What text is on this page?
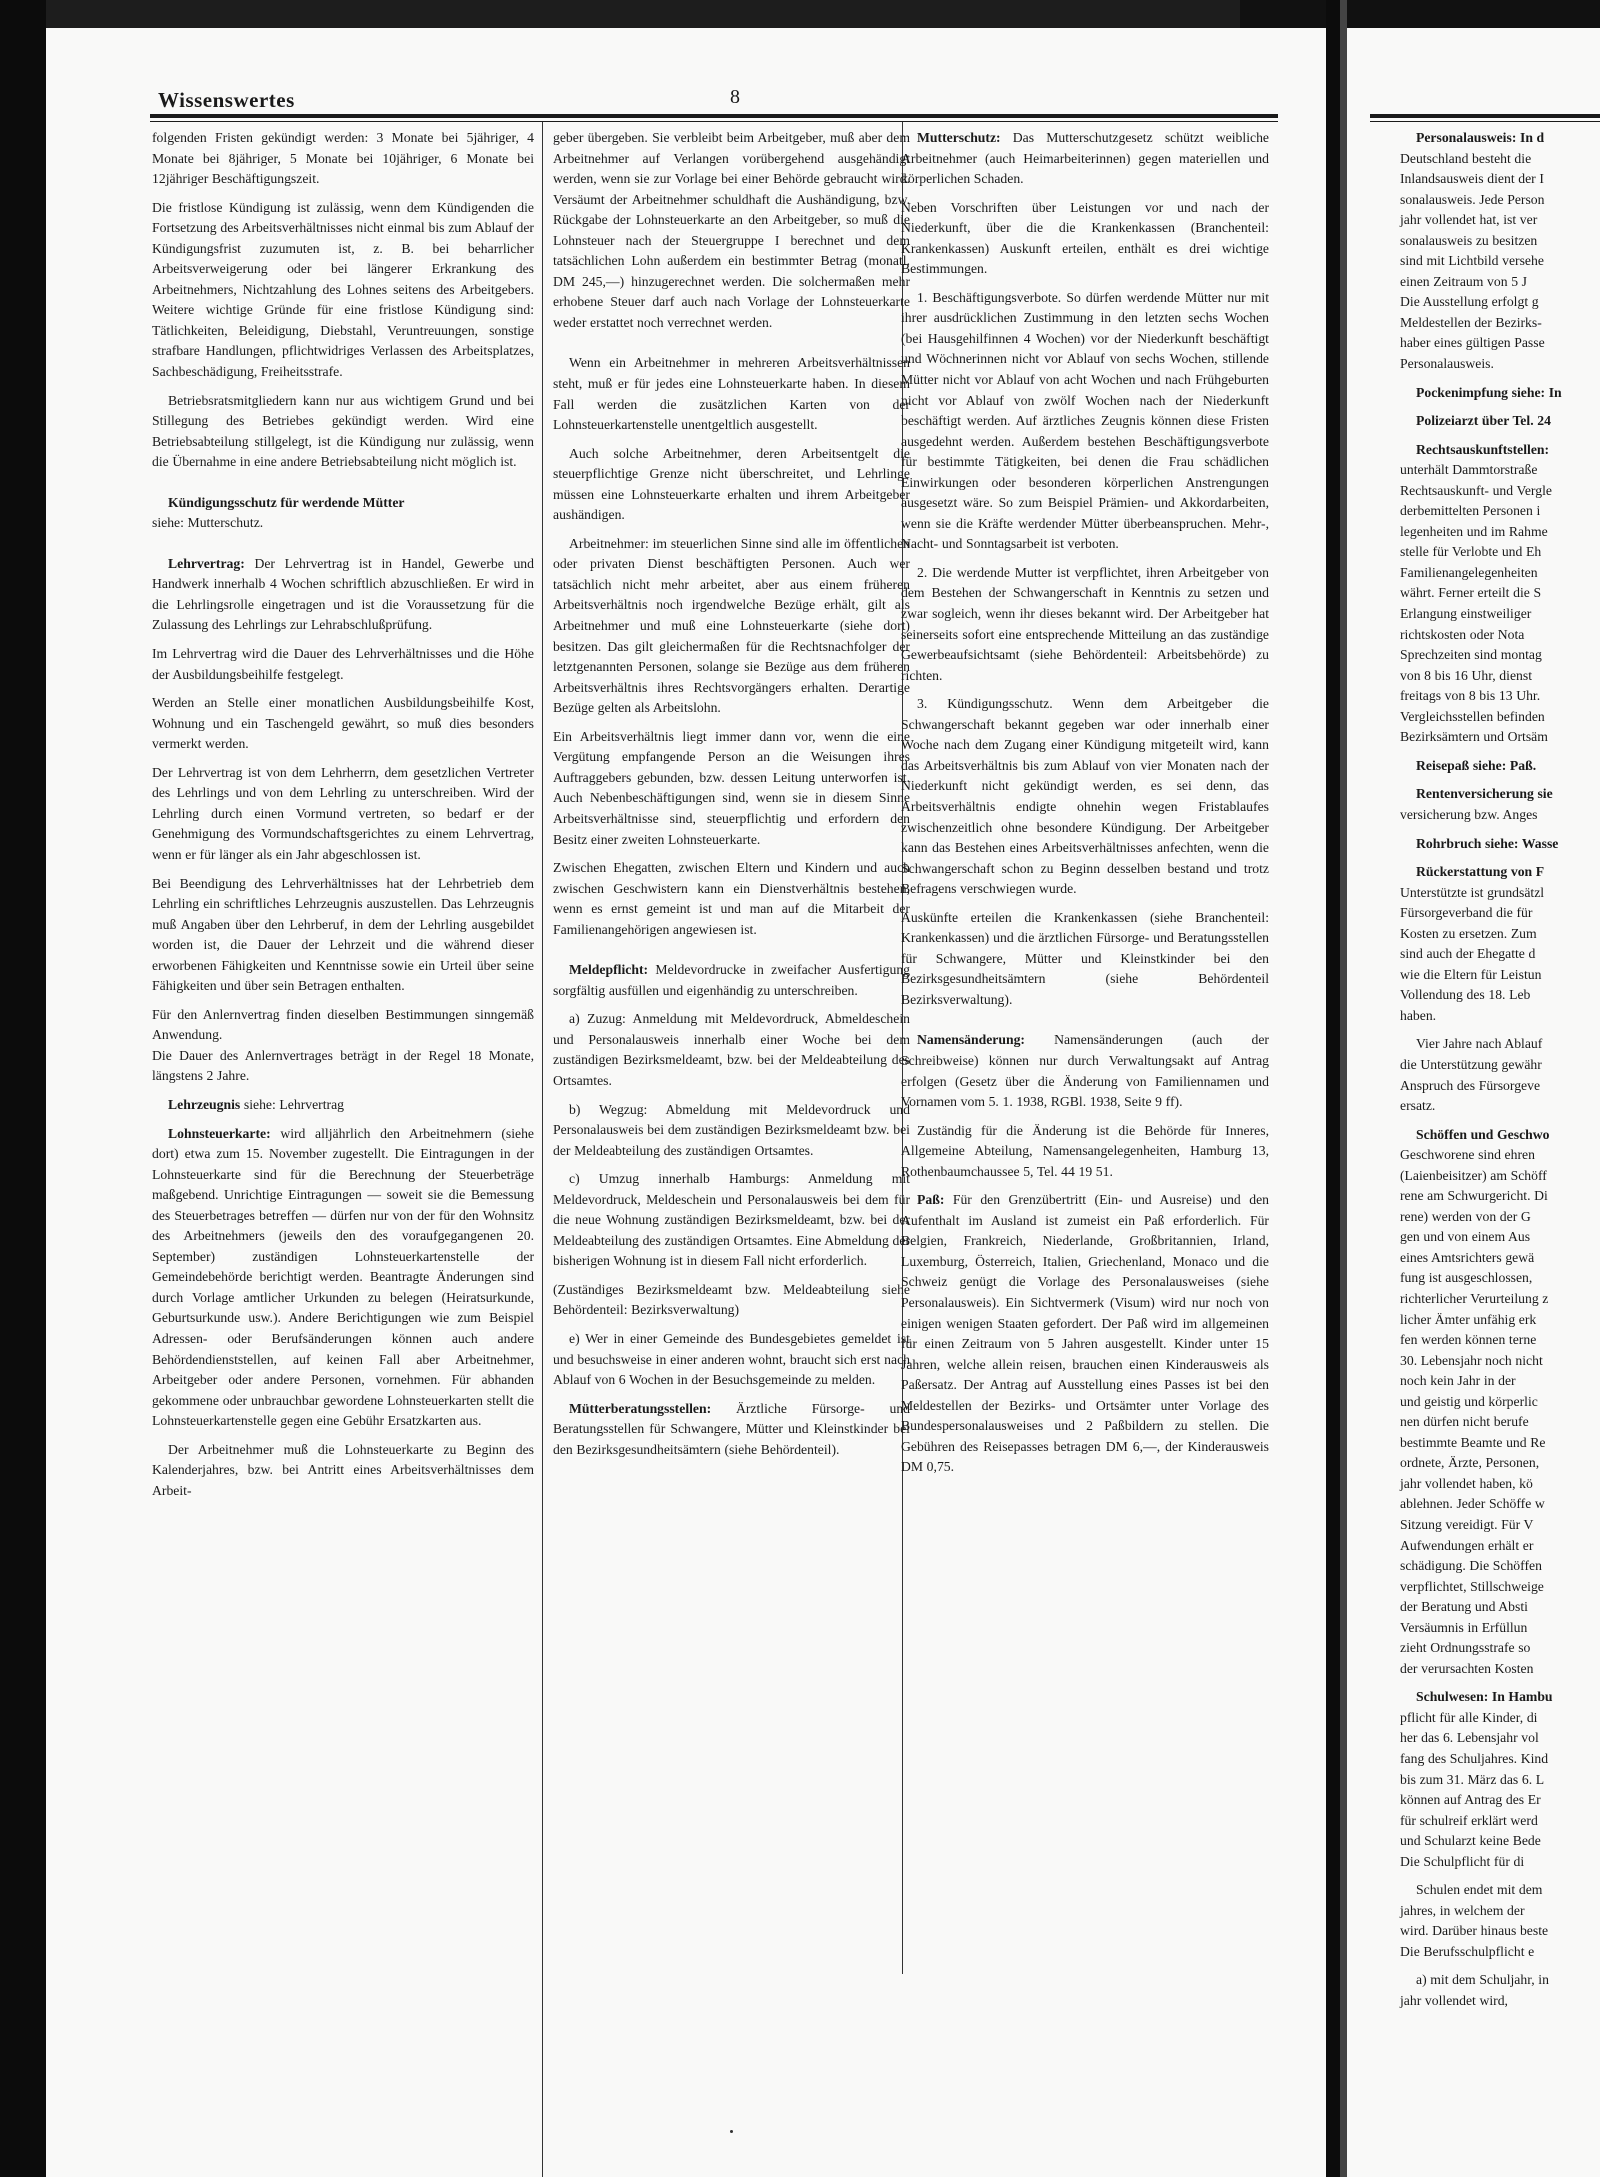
Wissenswertes	8

folgenden Fristen gekündigt werden: 3 Monate bei 5jähriger, 4 Monate bei 8jähriger, 5 Monate bei 10jähriger, 6 Monate bei 12jähriger Beschäftigungszeit.

Die fristlose Kündigung ist zulässig, wenn dem Kündigenden die Fortsetzung des Arbeitsverhältnisses nicht einmal bis zum Ablauf der Kündigungsfrist zuzumuten ist, z. B. bei beharrlicher Arbeitsverweigerung oder bei längerer Erkrankung des Arbeitnehmers, Nichtzahlung des Lohnes seitens des Arbeitgebers. Weitere wichtige Gründe für eine fristlose Kündigung sind: Tätlichkeiten, Beleidigung, Diebstahl, Veruntreuungen, sonstige strafbare Handlungen, pflichtwidriges Verlassen des Arbeitsplatzes, Sachbeschädigung, Freiheitsstrafe.

Betriebsratsmitgliedern kann nur aus wichtigem Grund und bei Stillegung des Betriebes gekündigt werden. Wird eine Betriebsabteilung stillgelegt, ist die Kündigung nur zulässig, wenn die Übernahme in eine andere Betriebsabteilung nicht möglich ist.

Kündigungsschutz für werdende Mütter

siehe: Mutterschutz.

Lehrvertrag: Der Lehrvertrag ist in Handel, Gewerbe und Handwerk innerhalb 4 Wochen schriftlich abzuschließen. Er wird in die Lehrlingsrolle eingetragen und ist die Voraussetzung für die Zulassung des Lehrlings zur Lehrabschlußprüfung.

Im Lehrvertrag wird die Dauer des Lehrverhältnisses und die Höhe der Ausbildungsbeihilfe festgelegt.

Werden an Stelle einer monatlichen Ausbildungsbeihilfe Kost, Wohnung und ein Taschengeld gewährt, so muß dies besonders vermerkt werden.

Der Lehrvertrag ist von dem Lehrherrn, dem gesetzlichen Vertreter des Lehrlings und von dem Lehrling zu unterschreiben. Wird der Lehrling durch einen Vormund vertreten, so bedarf er der Genehmigung des Vormundschaftsgerichtes zu einem Lehrvertrag, wenn er für länger als ein Jahr abgeschlossen ist.

Bei Beendigung des Lehrverhältnisses hat der Lehrbetrieb dem Lehrling ein schriftliches Lehrzeugnis auszustellen. Das Lehrzeugnis muß Angaben über den Lehrberuf, in dem der Lehrling ausgebildet worden ist, die Dauer der Lehrzeit und die während dieser erworbenen Fähigkeiten und Kenntnisse sowie ein Urteil über seine Fähigkeiten und über sein Betragen enthalten.

Für den Anlernvertrag finden dieselben Bestimmungen sinngemäß Anwendung.

Die Dauer des Anlernvertrages beträgt in der Regel 18 Monate, längstens 2 Jahre.

Lehrzeugnis siehe: Lehrvertrag

Lohnsteuerkarte: wird alljährlich den Arbeitnehmern (siehe dort) etwa zum 15. November zugestellt. Die Eintragungen in der Lohnsteuerkarte sind für die Berechnung der Steuerbeträge maßgebend. Unrichtige Eintragungen — soweit sie die Bemessung des Steuerbetrages betreffen — dürfen nur von der für den Wohnsitz des Arbeitnehmers (jeweils den des voraufgegangenen 20. September) zuständigen Lohnsteuerkartenstelle der Gemeindebehörde berichtigt werden. Beantragte Änderungen sind durch Vorlage amtlicher Urkunden zu belegen (Heiratsurkunde, Geburtsurkunde usw.). Andere Berichtigungen wie zum Beispiel Adressen- oder Berufsänderungen können auch andere Behördendienststellen, auf keinen Fall aber Arbeitnehmer, Arbeitgeber oder andere Personen, vornehmen. Für abhanden gekommene oder unbrauchbar gewordene Lohnsteuerkarten stellt die Lohnsteuerkartenstelle gegen eine Gebühr Ersatzkarten aus.

Der Arbeitnehmer muß die Lohnsteuerkarte zu Beginn des Kalenderjahres, bzw. bei Antritt eines Arbeitsverhältnisses dem Arbeit-

geber übergeben. Sie verbleibt beim Arbeitgeber, muß aber dem Arbeitnehmer auf Verlangen vorübergehend ausgehändigt werden, wenn sie zur Vorlage bei einer Behörde gebraucht wird. Versäumt der Arbeitnehmer schuldhaft die Aushändigung, bzw. Rückgabe der Lohnsteuerkarte an den Arbeitgeber, so muß die Lohnsteuer nach der Steuergruppe I berechnet und dem tatsächlichen Lohn außerdem ein bestimmter Betrag (monatl. DM 245,—) hinzugerechnet werden. Die solchermaßen mehr erhobene Steuer darf auch nach Vorlage der Lohnsteuerkarte weder erstattet noch verrechnet werden.

Wenn ein Arbeitnehmer in mehreren Arbeitsverhältnissen steht, muß er für jedes eine Lohnsteuerkarte haben. In diesem Fall werden die zusätzlichen Karten von der Lohnsteuerkartenstelle unentgeltlich ausgestellt.

Auch solche Arbeitnehmer, deren Arbeitsentgelt die steuerpflichtige Grenze nicht überschreitet, und Lehrlinge müssen eine Lohnsteuerkarte erhalten und ihrem Arbeitgeber aushändigen.

Arbeitnehmer: im steuerlichen Sinne sind alle im öffentlichen oder privaten Dienst beschäftigten Personen. Auch wer tatsächlich nicht mehr arbeitet, aber aus einem früheren Arbeitsverhältnis noch irgendwelche Bezüge erhält, gilt als Arbeitnehmer und muß eine Lohnsteuerkarte (siehe dort) besitzen. Das gilt gleichermaßen für die Rechtsnachfolger der letztgenannten Personen, solange sie Bezüge aus dem früheren Arbeitsverhältnis ihres Rechtsvorgängers erhalten. Derartige Bezüge gelten als Arbeitslohn.

Ein Arbeitsverhältnis liegt immer dann vor, wenn die eine Vergütung empfangende Person an die Weisungen ihres Auftraggebers gebunden, bzw. dessen Leitung unterworfen ist. Auch Nebenbeschäftigungen sind, wenn sie in diesem Sinne Arbeitsverhältnisse sind, steuerpflichtig und erfordern den Besitz einer zweiten Lohnsteuerkarte.

Zwischen Ehegatten, zwischen Eltern und Kindern und auch zwischen Geschwistern kann ein Dienstverhältnis bestehen, wenn es ernst gemeint ist und man auf die Mitarbeit der Familienangehörigen angewiesen ist.

Meldepflicht: Meldevordrucke in zweifacher Ausfertigung sorgfältig ausfüllen und eigenhändig zu unterschreiben.

a) Zuzug: Anmeldung mit Meldevordruck, Abmeldeschein und Personalausweis innerhalb einer Woche bei dem zuständigen Bezirksmeldeamt, bzw. bei der Meldeabteilung des Ortsamtes.

b) Wegzug: Abmeldung mit Meldevordruck und Personalausweis bei dem zuständigen Bezirksmeldeamt bzw. bei der Meldeabteilung des zuständigen Ortsamtes.

c) Umzug innerhalb Hamburgs: Anmeldung mit Meldevordruck, Meldeschein und Personalausweis bei dem für die neue Wohnung zuständigen Bezirksmeldeamt, bzw. bei der Meldeabteilung des zuständigen Ortsamtes. Eine Abmeldung der bisherigen Wohnung ist in diesem Fall nicht erforderlich.

(Zuständiges Bezirksmeldeamt bzw. Meldeabteilung siehe Behördenteil: Bezirksverwaltung)

e) Wer in einer Gemeinde des Bundesgebietes gemeldet ist und besuchsweise in einer anderen wohnt, braucht sich erst nach Ablauf von 6 Wochen in der Besuchsgemeinde zu melden.

Mütterberatungsstellen: Ärztliche Fürsorge- und Beratungsstellen für Schwangere, Mütter und Kleinstkinder bei den Bezirksgesundheitsämtern (siehe Behördenteil).

Mutterschutz: Das Mutterschutzgesetz schützt weibliche Arbeitnehmer (auch Heimarbeiterinnen) gegen materiellen und körperlichen Schaden.

Neben Vorschriften über Leistungen vor und nach der Niederkunft, über die die Krankenkassen (Branchenteil: Krankenkassen) Auskunft erteilen, enthält es drei wichtige Bestimmungen.

1. Beschäftigungsverbote. So dürfen werdende Mütter nur mit ihrer ausdrücklichen Zustimmung in den letzten sechs Wochen (bei Hausgehilfinnen 4 Wochen) vor der Niederkunft beschäftigt und Wöchnerinnen nicht vor Ablauf von sechs Wochen, stillende Mütter nicht vor Ablauf von acht Wochen und nach Frühgeburten nicht vor Ablauf von zwölf Wochen nach der Niederkunft beschäftigt werden. Auf ärztliches Zeugnis können diese Fristen ausgedehnt werden. Außerdem bestehen Beschäftigungsverbote für bestimmte Tätigkeiten, bei denen die Frau schädlichen Einwirkungen oder besonderen körperlichen Anstrengungen ausgesetzt wäre. So zum Beispiel Prämien- und Akkordarbeiten, wenn sie die Kräfte werdender Mütter überbeanspruchen. Mehr-, Nacht- und Sonntagsarbeit ist verboten.

2. Die werdende Mutter ist verpflichtet, ihren Arbeitgeber von dem Bestehen der Schwangerschaft in Kenntnis zu setzen und zwar sogleich, wenn ihr dieses bekannt wird. Der Arbeitgeber hat seinerseits sofort eine entsprechende Mitteilung an das zuständige Gewerbeaufsichtsamt (siehe Behördenteil: Arbeitsbehörde) zu richten.

3. Kündigungsschutz. Wenn dem Arbeitgeber die Schwangerschaft bekannt gegeben war oder innerhalb einer Woche nach dem Zugang einer Kündigung mitgeteilt wird, kann das Arbeitsverhältnis bis zum Ablauf von vier Monaten nach der Niederkunft nicht gekündigt werden, es sei denn, das Arbeitsverhältnis endigte ohnehin wegen Fristablaufes zwischenzeitlich ohne besondere Kündigung. Der Arbeitgeber kann das Bestehen eines Arbeitsverhältnisses anfechten, wenn die Schwangerschaft schon zu Beginn desselben bestand und trotz Befragens verschwiegen wurde.

Auskünfte erteilen die Krankenkassen (siehe Branchenteil: Krankenkassen) und die ärztlichen Fürsorge- und Beratungsstellen für Schwangere, Mütter und Kleinstkinder bei den Bezirksgesundheitsämtern (siehe Behördenteil Bezirksverwaltung).

Namensänderung: Namensänderungen (auch der Schreibweise) können nur durch Verwaltungsakt auf Antrag erfolgen (Gesetz über die Änderung von Familiennamen und Vornamen vom 5. 1. 1938, RGBl. 1938, Seite 9 ff).

Zuständig für die Änderung ist die Behörde für Inneres, Allgemeine Abteilung, Namensangelegenheiten, Hamburg 13, Rothenbaumchaussee 5, Tel. 44 19 51.

Paß: Für den Grenzübertritt (Ein- und Ausreise) und den Aufenthalt im Ausland ist zumeist ein Paß erforderlich. Für Belgien, Frankreich, Niederlande, Großbritannien, Irland, Luxemburg, Österreich, Italien, Griechenland, Monaco und die Schweiz genügt die Vorlage des Personalausweises (siehe Personalausweis). Ein Sichtvermerk (Visum) wird nur noch von einigen wenigen Staaten gefordert. Der Paß wird im allgemeinen für einen Zeitraum von 5 Jahren ausgestellt. Kinder unter 15 Jahren, welche allein reisen, brauchen einen Kinderausweis als Paßersatz. Der Antrag auf Ausstellung eines Passes ist bei den Meldestellen der Bezirks- und Ortsämter unter Vorlage des Bundespersonalausweises und 2 Paßbildern zu stellen. Die Gebühren des Reisepasses betragen DM 6,—, der Kinderausweis DM 0,75.

Personalausweis: In d
Deutschland besteht die
Inlandsausweis dient der I
sonalausweis. Jede Person
jahr vollendet hat, ist ver
sonalausweis zu besitzen
sind mit Lichtbild versehe
einen Zeitraum von 5 J
Die Ausstellung erfolgt g
Meldestellen der Bezirks-
haber eines gültigen Passe
Personalausweis.
Pockenimpfung siehe: In
Polizeiarzt über Tel. 24
Rechtsauskunftstellen:
unterhält Dammtorstraße
Rechtsauskunft- und Vergle
derbemittelten Personen i
legenheiten und im Rahme
stelle für Verlobte und Eh
Familienangelegenheiten
währt. Ferner erteilt die S
Erlangung einstweiliger
richtskosten oder Nota
Sprechzeiten sind montag
von 8 bis 16 Uhr, dienst
freitags von 8 bis 13 Uhr.
Vergleichsstellen befinden
Bezirksämtern und Ortsäm
Reisepaß siehe: Paß.
Rentenversicherung sie
versicherung bzw. Anges
Rohrbruch siehe: Wasse
Rückerstattung von F
Unterstützte ist grundsätzl
Fürsorgeverband die für
Kosten zu ersetzen. Zum
sind auch der Ehegatte d
wie die Eltern für Leistun
Vollendung des 18. Leb
haben.
Vier Jahre nach Ablauf
die Unterstützung gewähr
Anspruch des Fürsorgeve
ersatz.
Schöffen und Geschwo
Geschworene sind ehren
(Laienbeisitzer) am Schöff
rene am Schwurgericht. Di
rene) werden von der G
gen und von einem Aus
eines Amtsrichters gewä
fung ist ausgeschlossen,
richterlicher Verurteilung z
licher Ämter unfähig erk
fen werden können terne
30. Lebensjahr noch nicht
noch kein Jahr in der
und geistig und körperlic
nen dürfen nicht berufe
bestimmte Beamte und Re
ordnete, Ärzte, Personen,
jahr vollendet haben, kö
ablehnen. Jeder Schöffe w
Sitzung vereidigt. Für V
Aufwendungen erhält er
schädigung. Die Schöffen
verpflichtet, Stillschweige
der Beratung und Absti
Versäumnis in Erfüllun
zieht Ordnungsstrafe so
der verursachten Kosten
Schulwesen: In Hambu
pflicht für alle Kinder, di
her das 6. Lebensjahr vol
fang des Schuljahres. Kind
bis zum 31. März das 6. L
können auf Antrag des Er
für schulreif erklärt werd
und Schularzt keine Bede
Die Schulpflicht für di
Schulen endet mit dem
jahres, in welchem der
wird. Darüber hinaus beste
Die Berufsschulpflicht e
a) mit dem Schuljahr, in
jahr vollendet wird,
